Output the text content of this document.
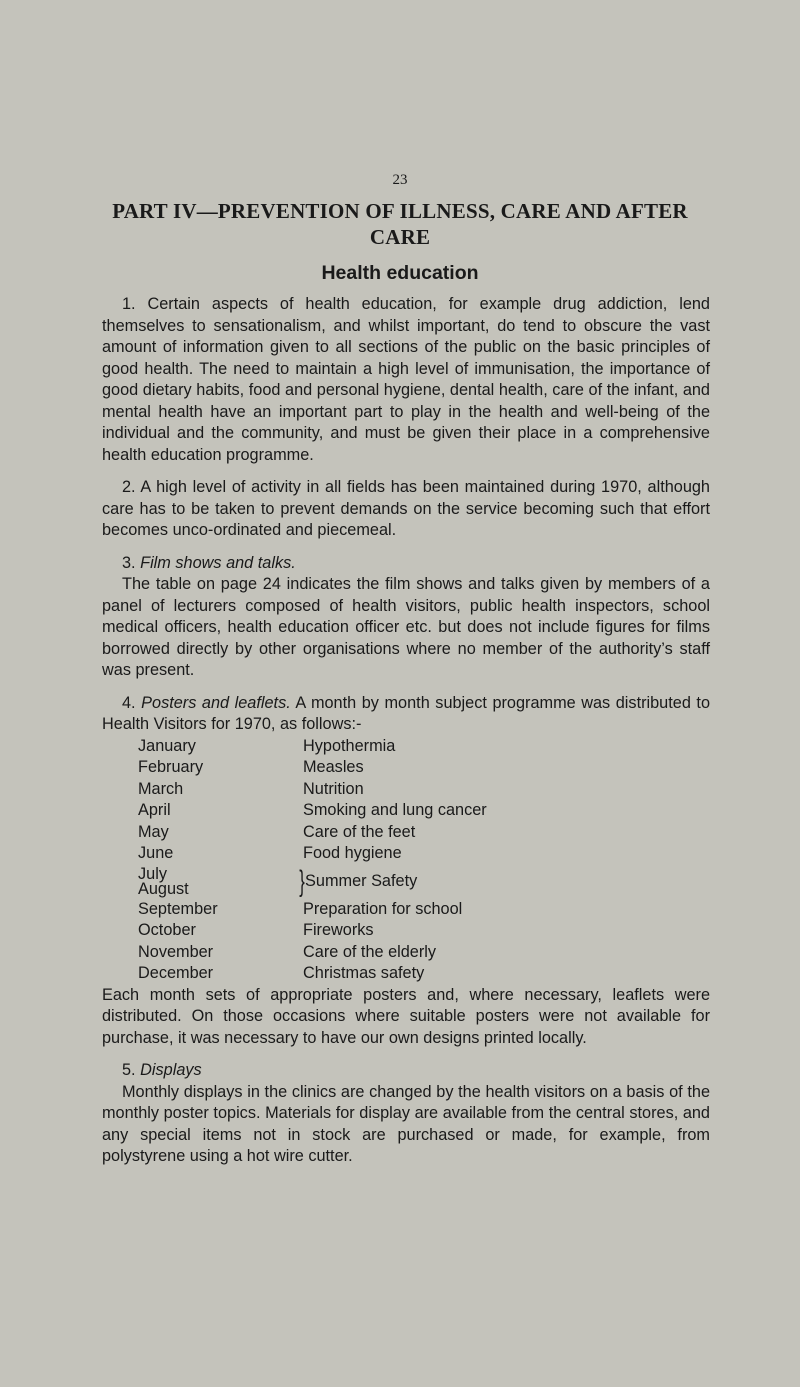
23
PART IV—PREVENTION OF ILLNESS, CARE AND AFTER CARE
Health education

1. Certain aspects of health education, for example drug addiction, lend themselves to sensationalism, and whilst important, do tend to obscure the vast amount of information given to all sections of the public on the basic principles of good health. The need to maintain a high level of immunisation, the importance of good dietary habits, food and personal hygiene, dental health, care of the infant, and mental health have an important part to play in the health and well-being of the individual and the community, and must be given their place in a comprehensive health education programme.

2. A high level of activity in all fields has been maintained during 1970, although care has to be taken to prevent demands on the service becoming such that effort becomes unco-ordinated and piecemeal.

3. Film shows and talks.

The table on page 24 indicates the film shows and talks given by members of a panel of lecturers composed of health visitors, public health inspectors, school medical officers, health education officer etc. but does not include figures for films borrowed directly by other organisations where no member of the authority’s staff was present.

4. Posters and leaflets. A month by month subject programme was distributed to Health Visitors for 1970, as follows:-

January	Hypothermia
February	Measles
March	Nutrition
April	Smoking and lung cancer
May	Care of the feet
June	Food hygiene
July
August	} Summer Safety
September	Preparation for school
October	Fireworks
November	Care of the elderly
December	Christmas safety

Each month sets of appropriate posters and, where necessary, leaflets were distributed. On those occasions where suitable posters were not available for purchase, it was necessary to have our own designs printed locally.

5. Displays

Monthly displays in the clinics are changed by the health visitors on a basis of the monthly poster topics. Materials for display are available from the central stores, and any special items not in stock are purchased or made, for example, from polystyrene using a hot wire cutter.
